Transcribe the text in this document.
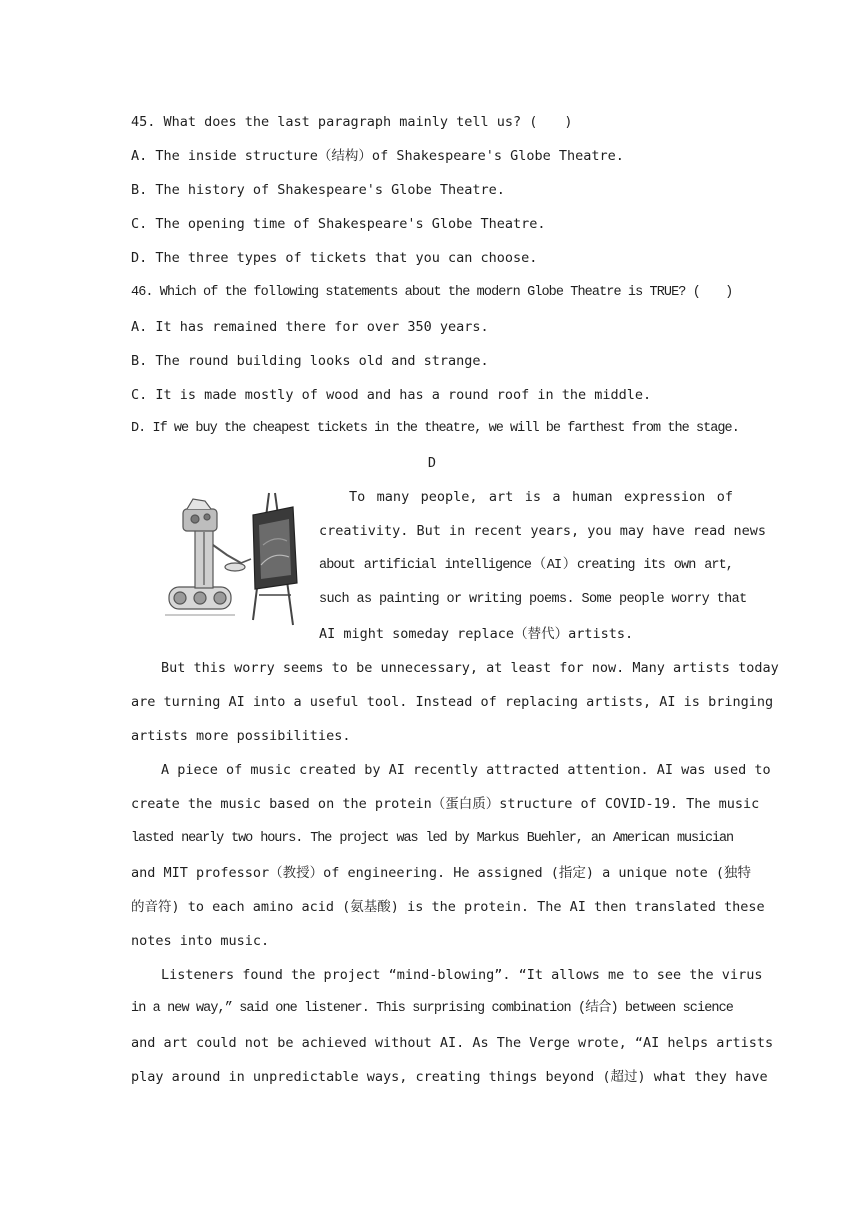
45. What does the last paragraph mainly tell us? (　　)
A. The inside structure（结构）of Shakespeare's Globe Theatre.
B. The history of Shakespeare's Globe Theatre.
C. The opening time of Shakespeare's Globe Theatre.
D. The three types of tickets that you can choose.
46. Which of the following statements about the modern Globe Theatre is TRUE? (　　)
A. It has remained there for over 350 years.
B. The round building looks old and strange.
C. It is made mostly of wood and has a round roof in the middle.
D. If we buy the cheapest tickets in the theatre, we will be farthest from the stage.
D
To many people, art is a human expression of
creativity. But in recent years, you may have read news
about artificial intelligence（AI）creating its own art,
such as painting or writing poems. Some people worry that
AI might someday replace（替代）artists.
But this worry seems to be unnecessary, at least for now. Many artists today
are turning AI into a useful tool. Instead of replacing artists, AI is bringing
artists more possibilities.
A piece of music created by AI recently attracted attention. AI was used to
create the music based on the protein（蛋白质）structure of COVID-19. The music
lasted nearly two hours. The project was led by Markus Buehler, an American musician
and MIT professor（教授）of engineering. He assigned (指定) a unique note (独特
的音符) to each amino acid (氨基酸) is the protein. The AI then translated these
notes into music.
Listeners found the project “mind-blowing”. “It allows me to see the virus
in a new way,” said one listener. This surprising combination (结合) between science
and art could not be achieved without AI. As The Verge wrote, “AI helps artists
play around in unpredictable ways, creating things beyond (超过) what they have
